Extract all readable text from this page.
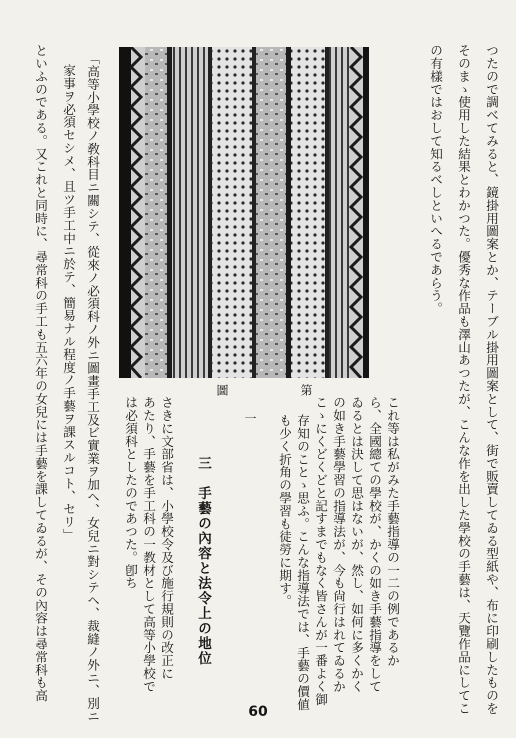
つたので調べてみると、鏡掛用圖案とか、テーブル掛用圖案として、街で販賣してゐる型紙や、布に印刷したものを
そのまゝ使用した結果とわかつた。優秀な作品も澤山あつたが、こんな作を出した學校の手藝は、天覽作品にしてこ
の有樣ではおして知るべしといへるであらう。
第
一
圖
これ等は私がみた手藝指導の一二の例であるか
ら、全國總ての學校が、かくの如き手藝指導をして
ゐるとは決して思はないが、然し、如何に多くかく
の如き手藝學習の指導法が、今も尙行はれてゐるか
こゝにくどくどと記すまでもなく皆さんが一番よく御
存知のことゝ思ふ。こんな指導法では、手藝の價値
も少く折角の學習も徒勞に期す。
三　手藝の內容と法令上の地位
さきに文部省は、小學校令及び施行規則の改正に
あたり、手藝を手工科の一教材として高等小學校で
は必須科としたのであつた。卽ち
「高等小學校ノ敎科目ニ關シテ、從來ノ必須科ノ外ニ圖畫手工及ビ實業ヲ加ヘ、女兒ニ對シテヘ、裁縫ノ外ニ、別ニ
家事ヲ必須セシメ、且ツ手工中ニ於テ、簡易ナル程度ノ手藝ヲ課スルコト、セリ」
といふのである。又これと同時に、尋常科の手工も五六年の女兒には手藝を課してゐるが、その內容は尋常科も高
60
